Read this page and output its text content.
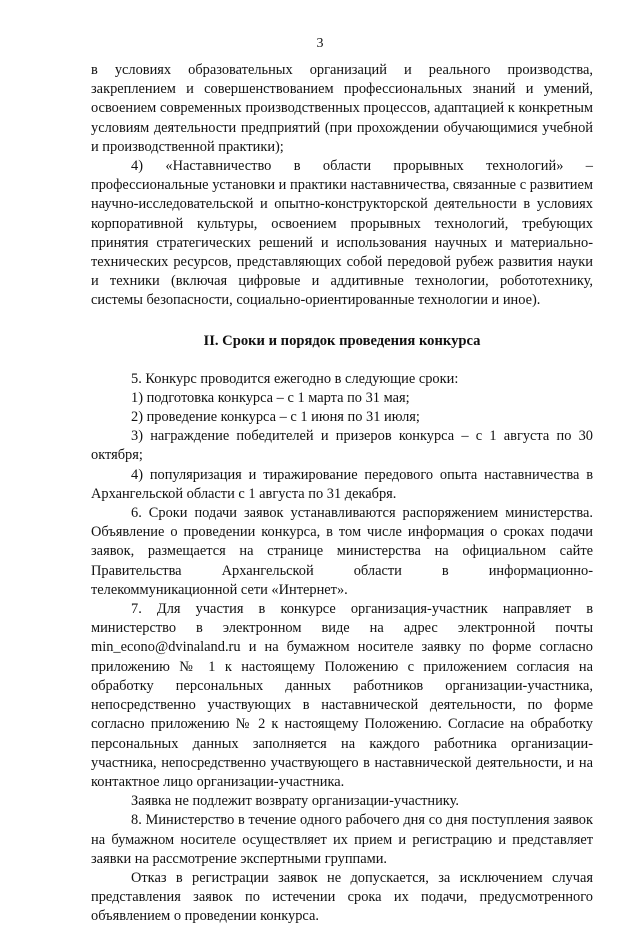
3

в условиях образовательных организаций и реального производства, закреплением и совершенствованием профессиональных знаний и умений, освоением современных производственных процессов, адаптацией к конкретным условиям деятельности предприятий (при прохождении обучающимися учебной и производственной практики);

4) «Наставничество в области прорывных технологий» – профессиональные установки и практики наставничества, связанные с развитием научно-исследовательской и опытно-конструкторской деятельности в условиях корпоративной культуры, освоением прорывных технологий, требующих принятия стратегических решений и использования научных и материально-технических ресурсов, представляющих собой передовой рубеж развития науки и техники (включая цифровые и аддитивные технологии, робототехнику, системы безопасности, социально-ориентированные технологии и иное).

II. Сроки и порядок проведения конкурса

5. Конкурс проводится ежегодно в следующие сроки:

1) подготовка конкурса – с 1 марта по 31 мая;

2) проведение конкурса – с 1 июня по 31 июля;

3) награждение победителей и призеров конкурса – с 1 августа по 30 октября;

4) популяризация и тиражирование передового опыта наставничества в Архангельской области с 1 августа по 31 декабря.

6. Сроки подачи заявок устанавливаются распоряжением министерства. Объявление о проведении конкурса, в том числе информация о сроках подачи заявок, размещается на странице министерства на официальном сайте Правительства Архангельской области в информационно-телекоммуникационной сети «Интернет».

7. Для участия в конкурсе организация-участник направляет в министерство в электронном виде на адрес электронной почты min_econo@dvinaland.ru и на бумажном носителе заявку по форме согласно приложению № 1 к настоящему Положению с приложением согласия на обработку персональных данных работников организации-участника, непосредственно участвующих в наставнической деятельности, по форме согласно приложению № 2 к настоящему Положению. Согласие на обработку персональных данных заполняется на каждого работника организации-участника, непосредственно участвующего в наставнической деятельности, и на контактное лицо организации-участника.

Заявка не подлежит возврату организации-участнику.

8. Министерство в течение одного рабочего дня со дня поступления заявок на бумажном носителе осуществляет их прием и регистрацию и представляет заявки на рассмотрение экспертными группами.

Отказ в регистрации заявок не допускается, за исключением случая представления заявок по истечении срока их подачи, предусмотренного объявлением о проведении конкурса.
